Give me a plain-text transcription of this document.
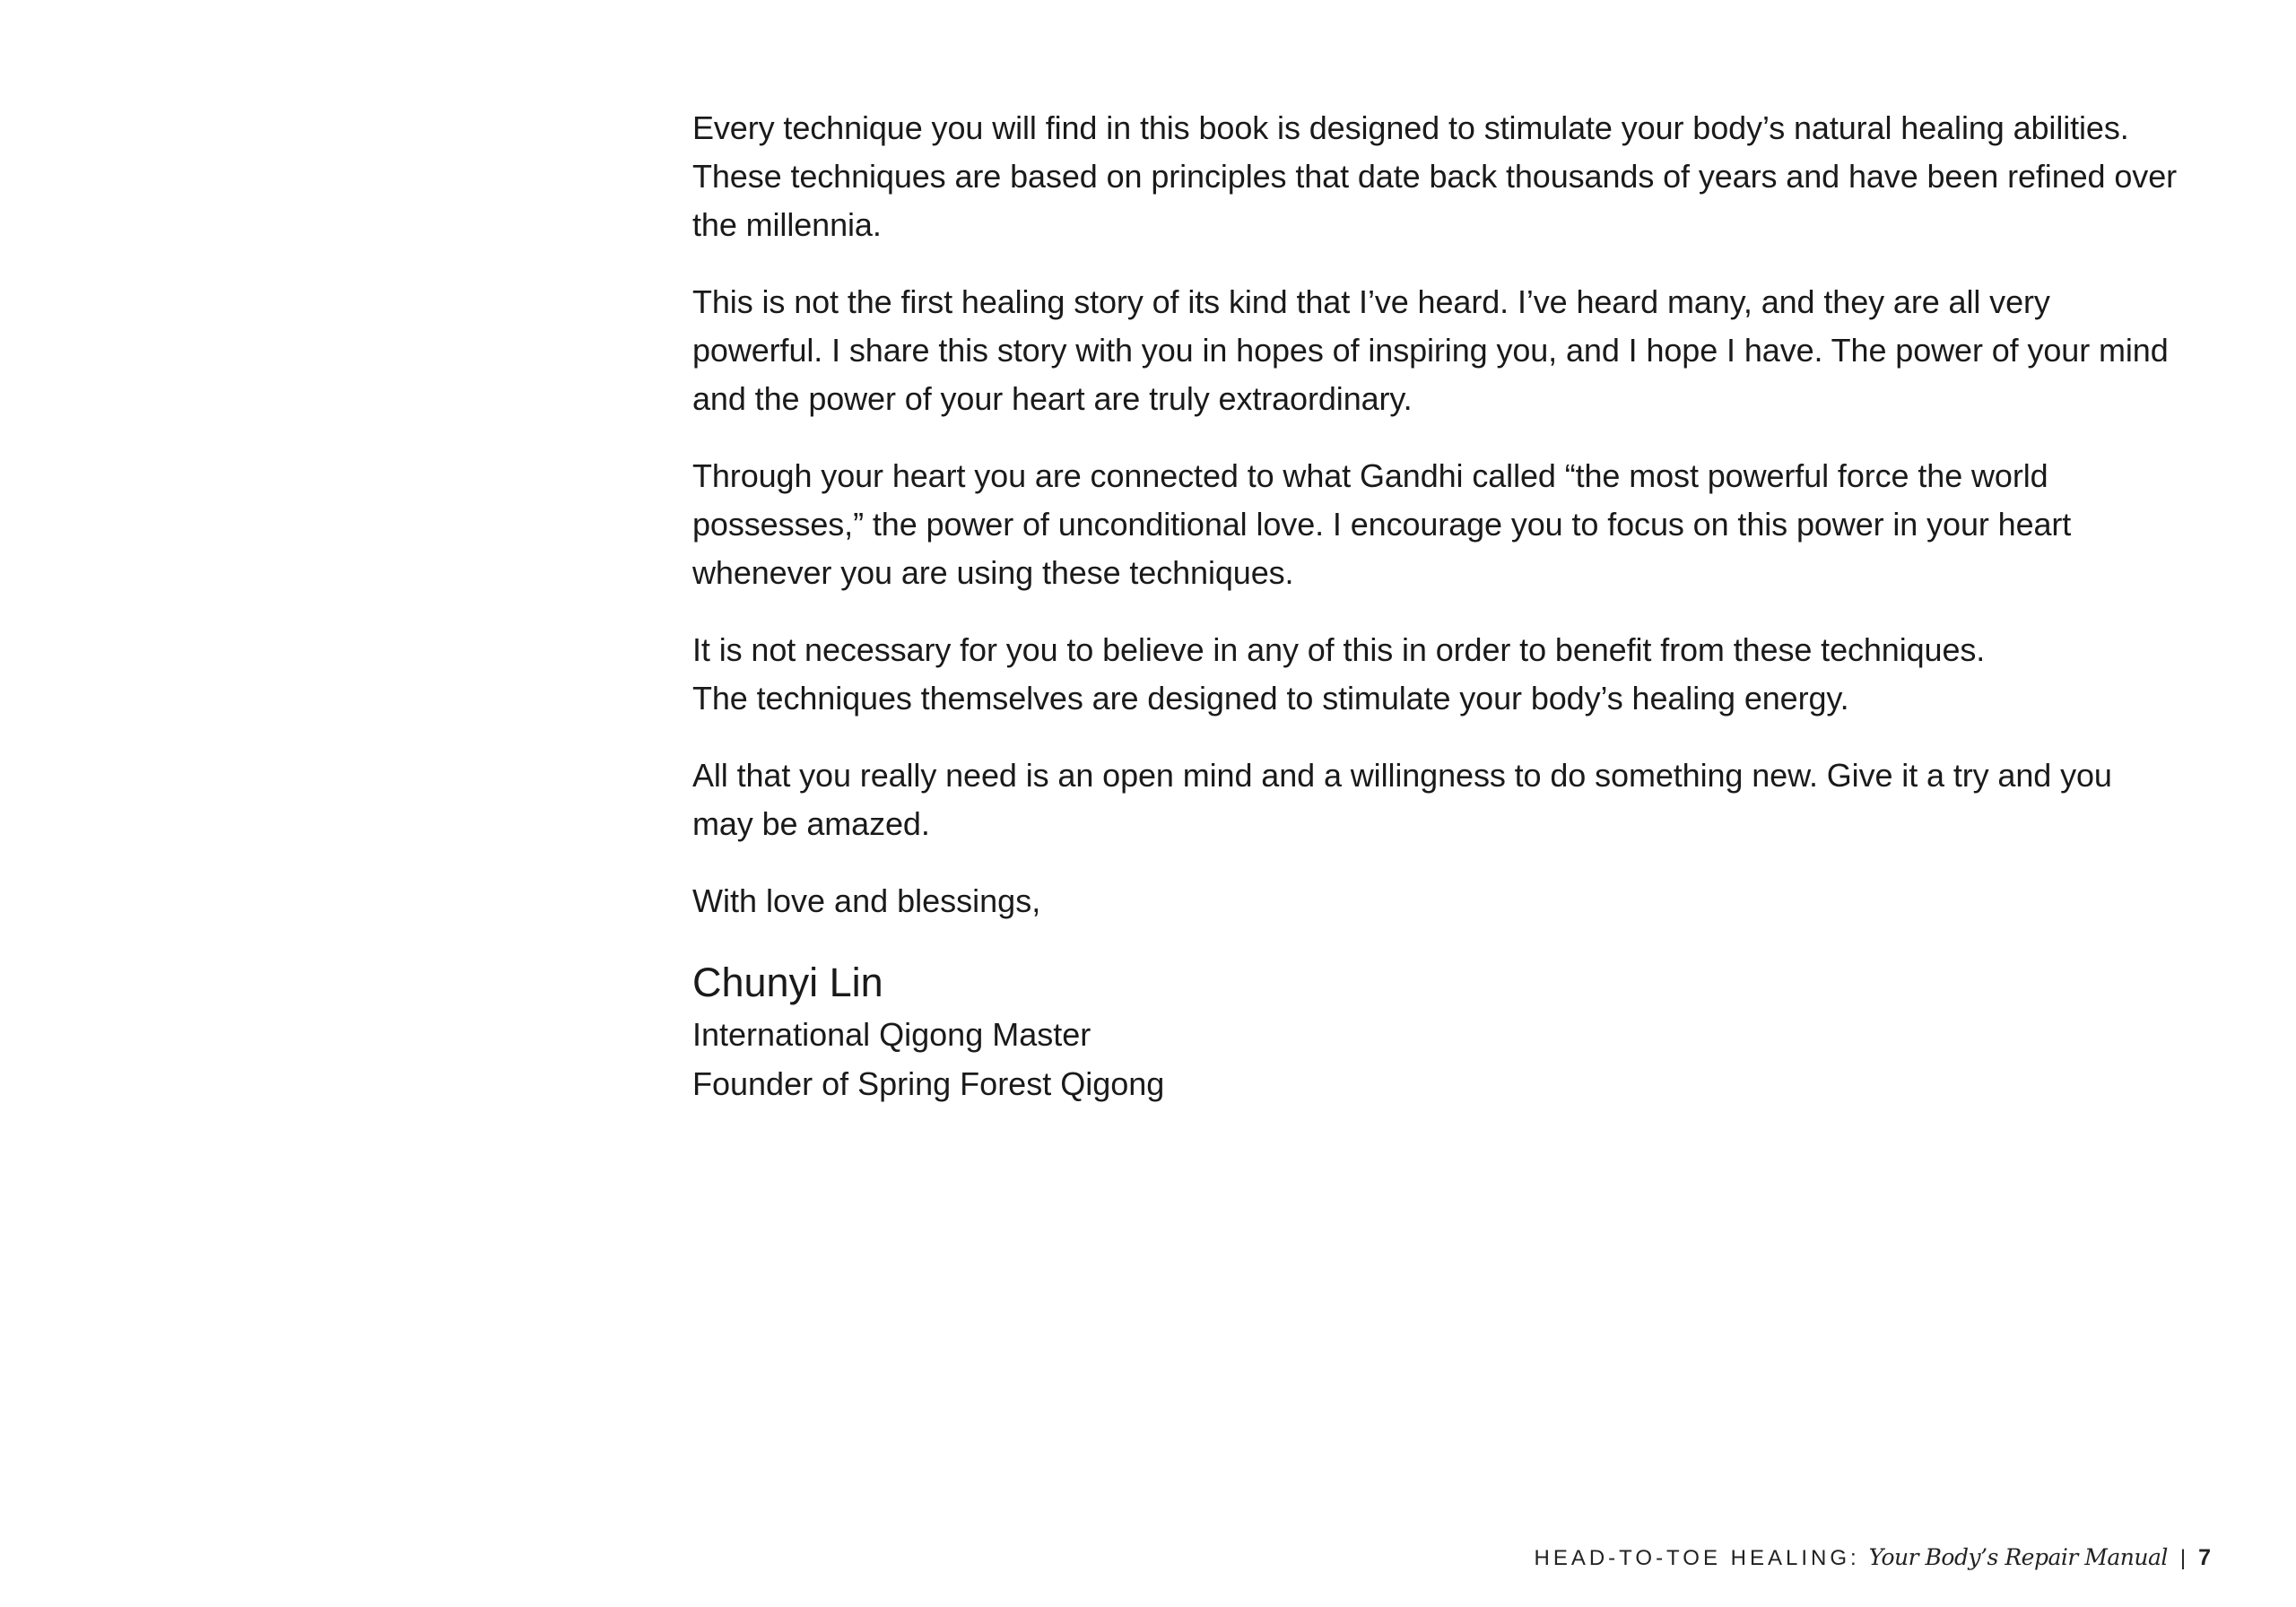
Every technique you will find in this book is designed to stimulate your body’s natural healing abilities.
These techniques are based on principles that date back thousands of years and have been refined over
the millennia.
This is not the first healing story of its kind that I’ve heard. I’ve heard many, and they are all very
powerful. I share this story with you in hopes of inspiring you, and I hope I have. The power of your mind
and the power of your heart are truly extraordinary.
Through your heart you are connected to what Gandhi called “the most powerful force the world
possesses,” the power of unconditional love. I encourage you to focus on this power in your heart
whenever you are using these techniques.
It is not necessary for you to believe in any of this in order to benefit from these techniques.
The techniques themselves are designed to stimulate your body’s healing energy.
All that you really need is an open mind and a willingness to do something new. Give it a try and you
may be amazed.

With love and blessings,

Chunyi Lin

International Qigong Master
Founder of Spring Forest Qigong
HEAD-TO-TOE HEALING: Your Body’s Repair Manual | 7
